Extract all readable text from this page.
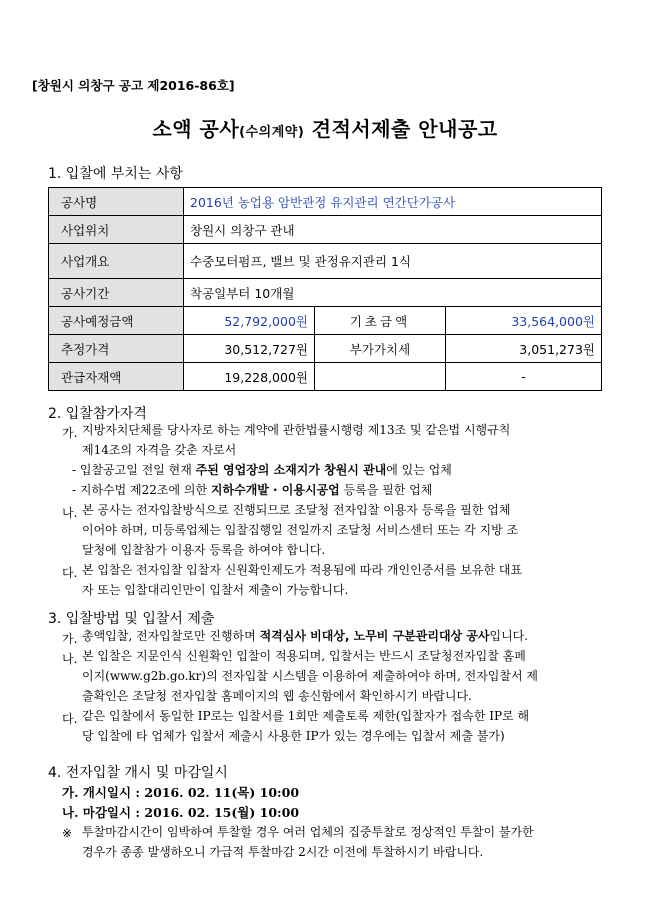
[창원시 의창구 공고 제2016-86호]
소액 공사(수의계약) 견적서제출 안내공고
1. 입찰에 부치는 사항
공사명	2016년 농업용 암반관정 유지관리 연간단가공사		
사업위치	창원시 의창구 관내		
사업개요	수중모터펌프, 밸브 및 관정유지관리 1식		
공사기간	착공일부터 10개월		
공사예정금액	52,792,000원	기초금액	33,564,000원
추정가격	30,512,727원	부가가치세	3,051,273원
관급자재액	19,228,000원		-
2. 입찰참가자격
가. 지방자치단체를 당사자로 하는 계약에 관한법률시행령 제13조 및 같은법 시행규칙
제14조의 자격을 갖춘 자로서
- 입찰공고일 전일 현재 주된 영업장의 소재지가 창원시 관내에 있는 업체
- 지하수법 제22조에 의한 지하수개발 · 이용시공업 등록을 필한 업체
나. 본 공사는 전자입찰방식으로 진행되므로 조달청 전자입찰 이용자 등록을 필한 업체
이어야 하며, 미등록업체는 입찰집행일 전일까지 조달청 서비스센터 또는 각 지방 조
달청에 입찰참가 이용자 등록을 하여야 합니다.
다. 본 입찰은 전자입찰 입찰자 신원확인제도가 적용됨에 따라 개인인증서를 보유한 대표
자 또는 입찰대리인만이 입찰서 제출이 가능합니다.
3. 입찰방법 및 입찰서 제출
가. 총액입찰, 전자입찰로만 진행하며 적격심사 비대상, 노무비 구분관리대상 공사입니다.
나. 본 입찰은 지문인식 신원확인 입찰이 적용되며, 입찰서는 반드시 조달청전자입찰 홈페
이지(www.g2b.go.kr)의 전자입찰 시스템을 이용하여 제출하여야 하며, 전자입찰서 제
출확인은 조달청 전자입찰 홈페이지의 웹 송신함에서 확인하시기 바랍니다.
다. 같은 입찰에서 동일한 IP로는 입찰서를 1회만 제출토록 제한(입찰자가 접속한 IP로 해
당 입찰에 타 업체가 입찰서 제출시 사용한 IP가 있는 경우에는 입찰서 제출 불가)
4. 전자입찰 개시 및 마감일시
가. 개시일시 : 2016. 02. 11(목) 10:00
나. 마감일시 : 2016. 02. 15(월) 10:00
※ 투찰마감시간이 임박하여 투찰할 경우 여러 업체의 집중투찰로 정상적인 투찰이 불가한
경우가 종종 발생하오니 가급적 투찰마감 2시간 이전에 투찰하시기 바랍니다.
